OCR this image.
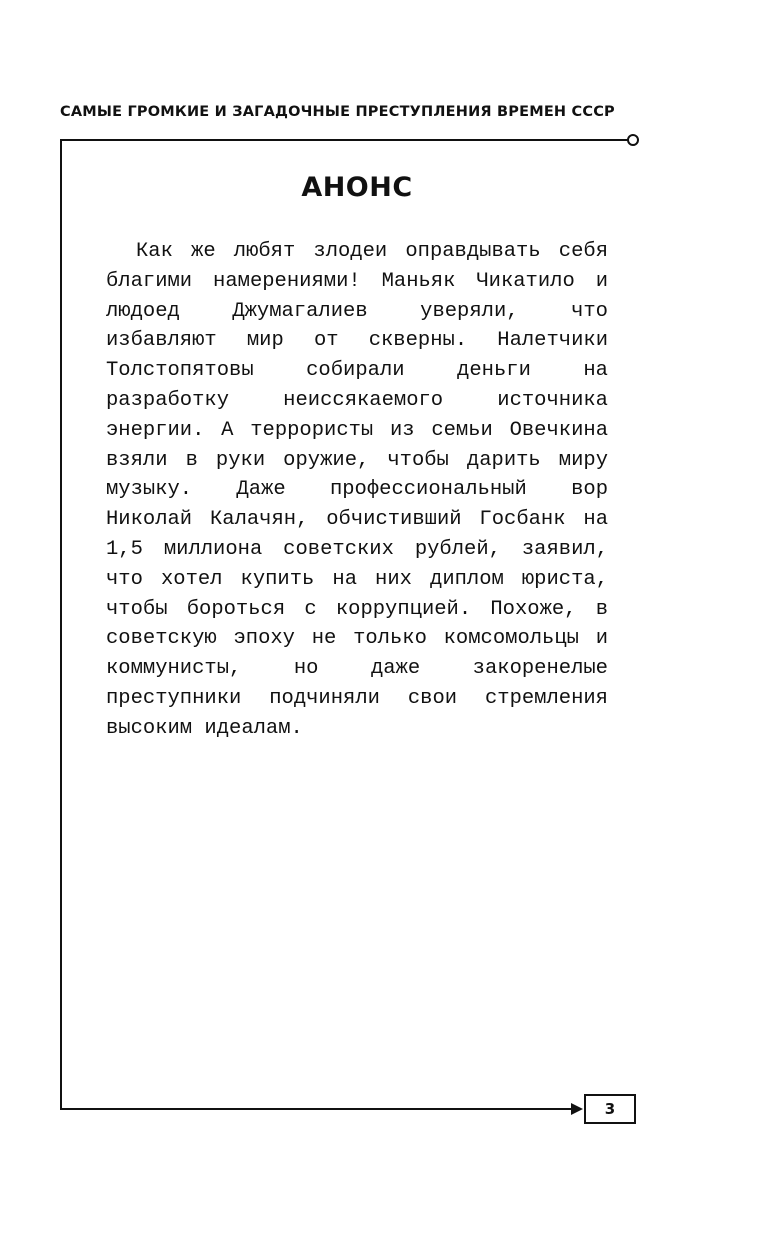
САМЫЕ ГРОМКИЕ И ЗАГАДОЧНЫЕ ПРЕСТУПЛЕНИЯ ВРЕМЕН СССР
3
АНОНС

Как же любят злодеи оправдывать себя благими намерениями! Маньяк Чикатило и людоед Джумагалиев уверяли, что избавляют мир от скверны. Налетчики Толстопятовы собирали деньги на разработку неиссякаемого источника энергии. А террористы из семьи Овечкина взяли в руки оружие, чтобы дарить миру музыку. Даже профессиональный вор Николай Калачян, обчистивший Госбанк на 1,5 миллиона советских рублей, заявил, что хотел купить на них диплом юриста, чтобы бороться с коррупцией. Похоже, в советскую эпоху не только комсомольцы и коммунисты, но даже закоренелые преступники подчиняли свои стремления высоким идеалам.
